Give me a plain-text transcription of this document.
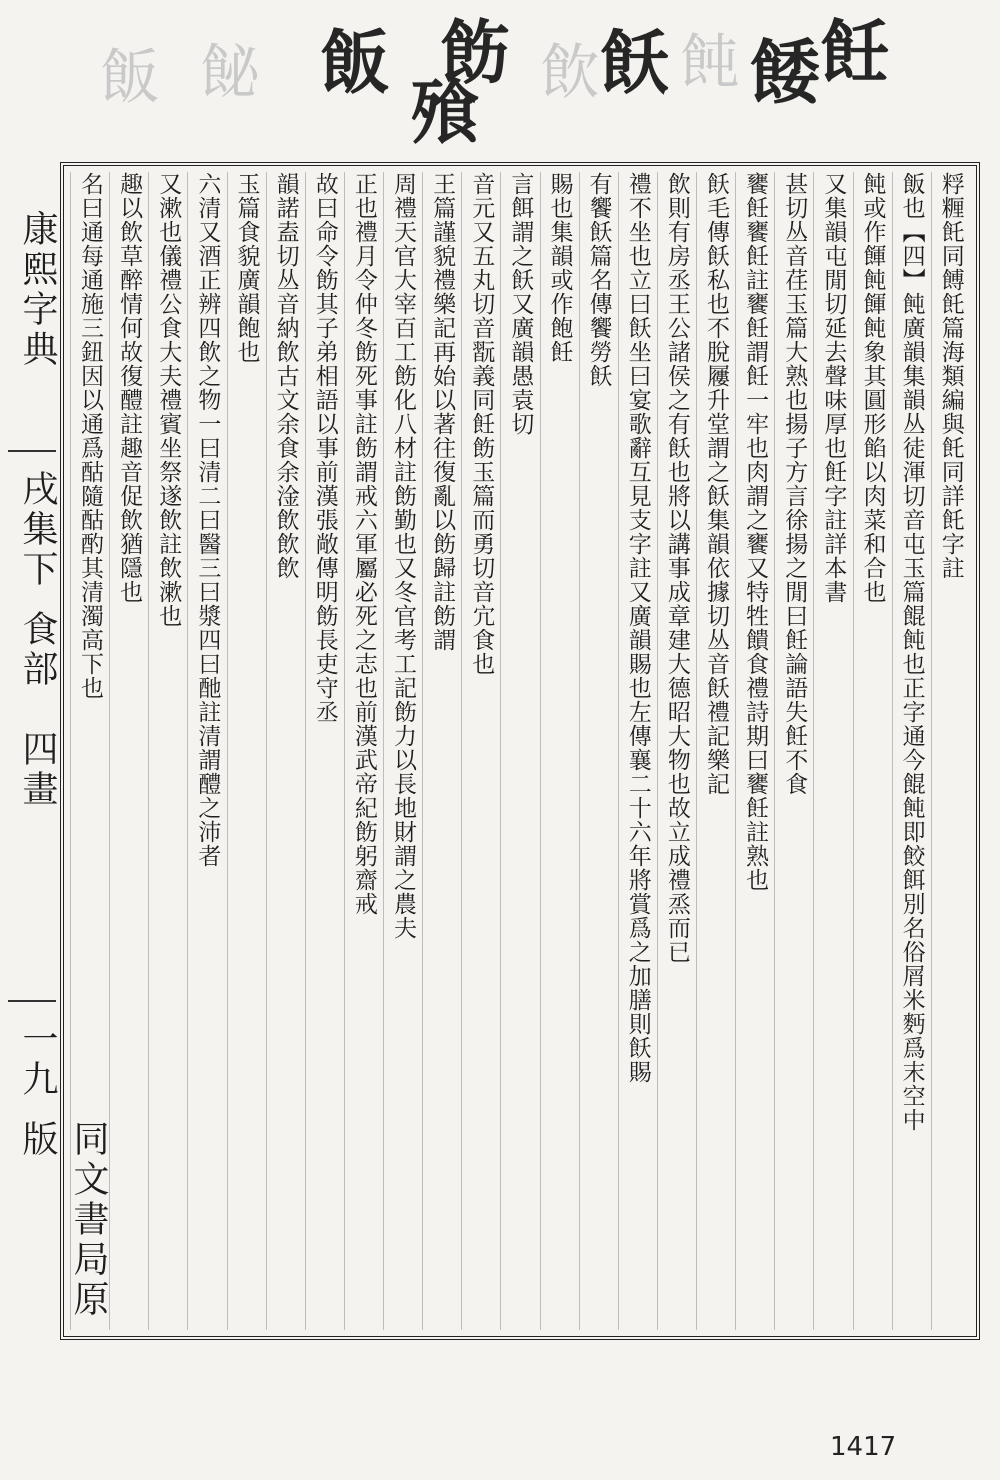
飪
餧
飫
飭
飱
飯	飩
飲
飶
飯
康熙字典
戌集下
食部
四畫
一九
同文書局原版
粰糎飥同餺飥篇海類編與飥同詳飥字註
飯也【四】飩廣韻集韻丛徒渾切音屯玉篇餛飩也正字通今餛飩即餃餌別名俗屑米麪爲末空中
飩或作餫飩餫飩象其圓形餡以肉菜和合也
又集韻屯閒切延去聲味厚也飪字註詳本書
甚切丛音荏玉篇大熟也揚子方言徐揚之閒曰飪論語失飪不食
饔飪饔飪註饔飪謂飪一牢也肉謂之饔又特牲饋食禮詩期曰饔飪註熟也
飫毛傳飫私也不脫屨升堂謂之飫集韻依據切丛音飫禮記樂記
飲則有房丞王公諸侯之有飫也將以講事成章建大德昭大物也故立成禮烝而已
禮不坐也立曰飫坐曰宴歌辭互見支字註又廣韻賜也左傳襄二十六年將賞爲之加膳則飫賜
有饗飫篇名傳饗勞飫
賜也集韻或作飽飪
言餌謂之飫又廣韻愚袁切
音元又五丸切音翫義同飪飭玉篇而勇切音宂食也
王篇謹貌禮樂記再始以著往復亂以飭歸註飭謂
周禮天官大宰百工飭化八材註飭勤也又冬官考工記飭力以長地財謂之農夫
正也禮月令仲冬飭死事註飭謂戒六軍屬必死之志也前漢武帝紀飭躬齋戒
故曰命令飭其子弟相語以事前漢張敞傳明飭長吏守丞
韻諾盍切丛音納飲古文余食余淦飲飲飲
玉篇食貌廣韻飽也
六清又酒正辨四飲之物一曰清二曰醫三曰漿四曰酏註清謂醴之沛者
又漱也儀禮公食大夫禮賓坐祭遂飲註飲漱也
趣以飲草醉情何故復醴註趣音促飲猶隱也
名曰通每通施三鈕因以通爲酤隨酤酌其清濁高下也
1417
